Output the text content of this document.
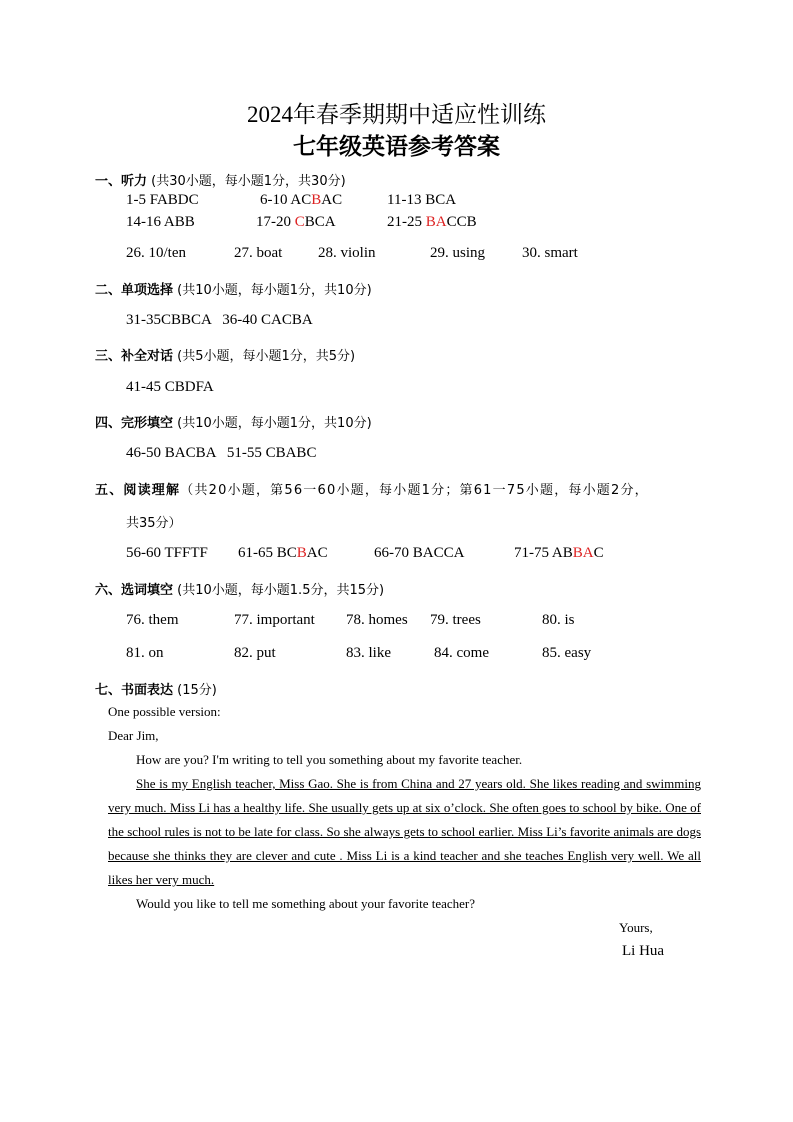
2024年春季期期中适应性训练
七年级英语参考答案
一、听力 (共30小题，每小题1分，共30分)
1-5 FABDC	6-10 ACBAC	11-13 BCA
14-16 ABB	17-20 CBCA	21-25 BACCB
26. 10/ten	27. boat 28. violin	29. using 30. smart
二、单项选择 (共10小题，每小题1分，共10分)
31-35CBBCA   36-40 CACBA
三、补全对话 (共5小题，每小题1分，共5分)
41-45 CBDFA
四、完形填空 (共10小题，每小题1分，共10分)
46-50 BACBA   51-55 CBABC
五、阅读理解（共20小题，第56一60小题，每小题1分；第61一75小题，每小题2分，
共35分）
56-60 TFFTF 61-65 BCBAC	66-70 BACCA	71-75 ABBAC
六、选词填空 (共10小题，每小题1.5分，共15分)
76. them	77. important 78. homes 79. trees	80. is
81. on	82. put	83. like	84. come	85. easy
七、书面表达 (15分)
One possible version:
Dear Jim,
How are you? I'm writing to tell you something about my favorite teacher.
She is my English teacher, Miss Gao. She is from China and 27 years old. She likes reading and swimming very much. Miss Li has a healthy life. She usually gets up at six o’clock. She often goes to school by bike. One of the school rules is not to be late for class. So she always gets to school earlier. Miss Li’s favorite animals are dogs because she thinks they are clever and cute . Miss Li is a kind teacher and she teaches English very well. We all likes her very much.
Would you like to tell me something about your favorite teacher?
Yours,
Li Hua
